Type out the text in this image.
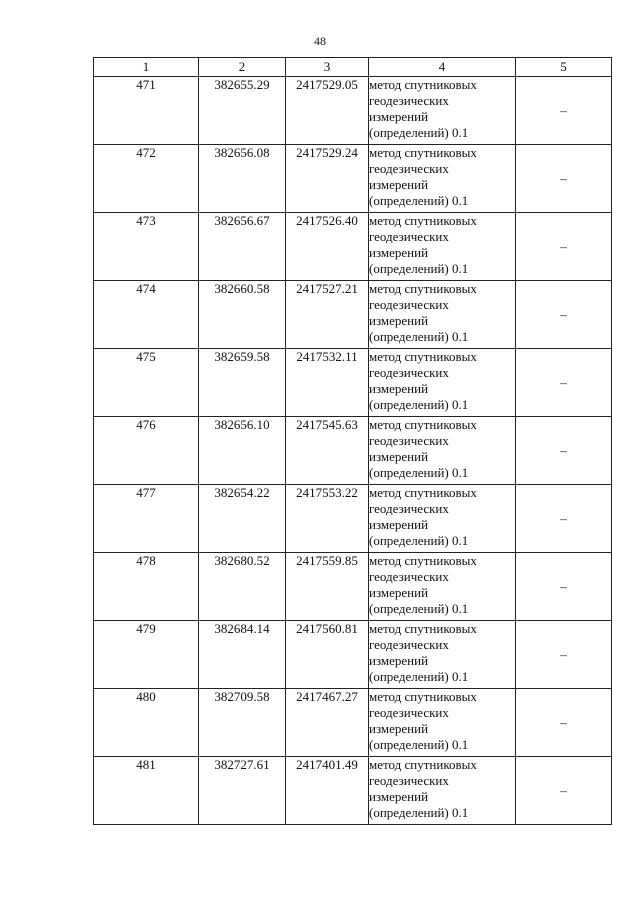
48
1	2	3	4	5
471	382655.29	2417529.05	метод спутниковых
геодезических
измерений
(определений) 0.1	–
472	382656.08	2417529.24	метод спутниковых
геодезических
измерений
(определений) 0.1	–
473	382656.67	2417526.40	метод спутниковых
геодезических
измерений
(определений) 0.1	–
474	382660.58	2417527.21	метод спутниковых
геодезических
измерений
(определений) 0.1	–
475	382659.58	2417532.11	метод спутниковых
геодезических
измерений
(определений) 0.1	–
476	382656.10	2417545.63	метод спутниковых
геодезических
измерений
(определений) 0.1	–
477	382654.22	2417553.22	метод спутниковых
геодезических
измерений
(определений) 0.1	–
478	382680.52	2417559.85	метод спутниковых
геодезических
измерений
(определений) 0.1	–
479	382684.14	2417560.81	метод спутниковых
геодезических
измерений
(определений) 0.1	–
480	382709.58	2417467.27	метод спутниковых
геодезических
измерений
(определений) 0.1	–
481	382727.61	2417401.49	метод спутниковых
геодезических
измерений
(определений) 0.1	–
